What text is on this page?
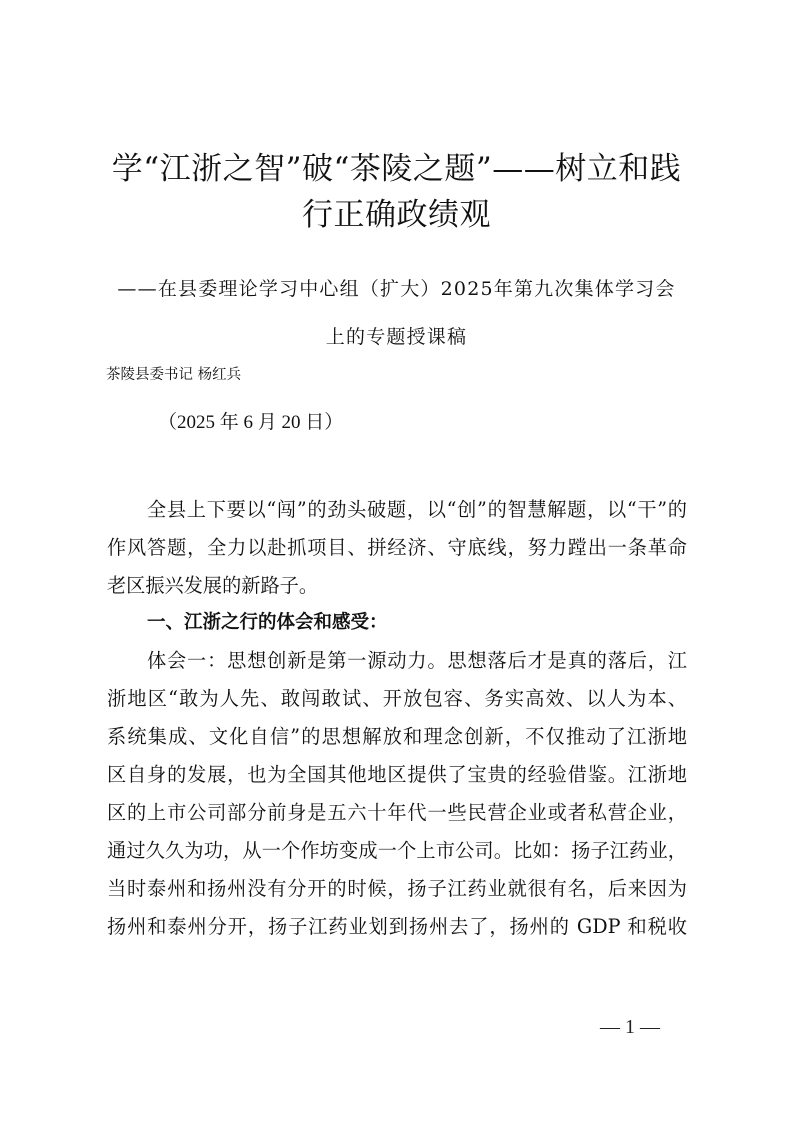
学“江浙之智”破“茶陵之题”——树立和践
行正确政绩观
——在县委理论学习中心组（扩大）2025年第九次集体学习会
上的专题授课稿
茶陵县委书记 杨红兵
（2025 年 6 月 20 日）
全县上下要以“闯”的劲头破题，以“创”的智慧解题，以“干”的
作风答题，全力以赴抓项目、拼经济、守底线，努力蹚出一条革命
老区振兴发展的新路子。
一、江浙之行的体会和感受：
体会一：思想创新是第一源动力。思想落后才是真的落后，江
浙地区“敢为人先、敢闯敢试、开放包容、务实高效、以人为本、
系统集成、文化自信”的思想解放和理念创新，不仅推动了江浙地
区自身的发展，也为全国其他地区提供了宝贵的经验借鉴。江浙地
区的上市公司部分前身是五六十年代一些民营企业或者私营企业，
通过久久为功，从一个作坊变成一个上市公司。比如：扬子江药业，
当时泰州和扬州没有分开的时候，扬子江药业就很有名，后来因为
扬州和泰州分开，扬子江药业划到扬州去了，扬州的 GDP 和税收
— 1 —
